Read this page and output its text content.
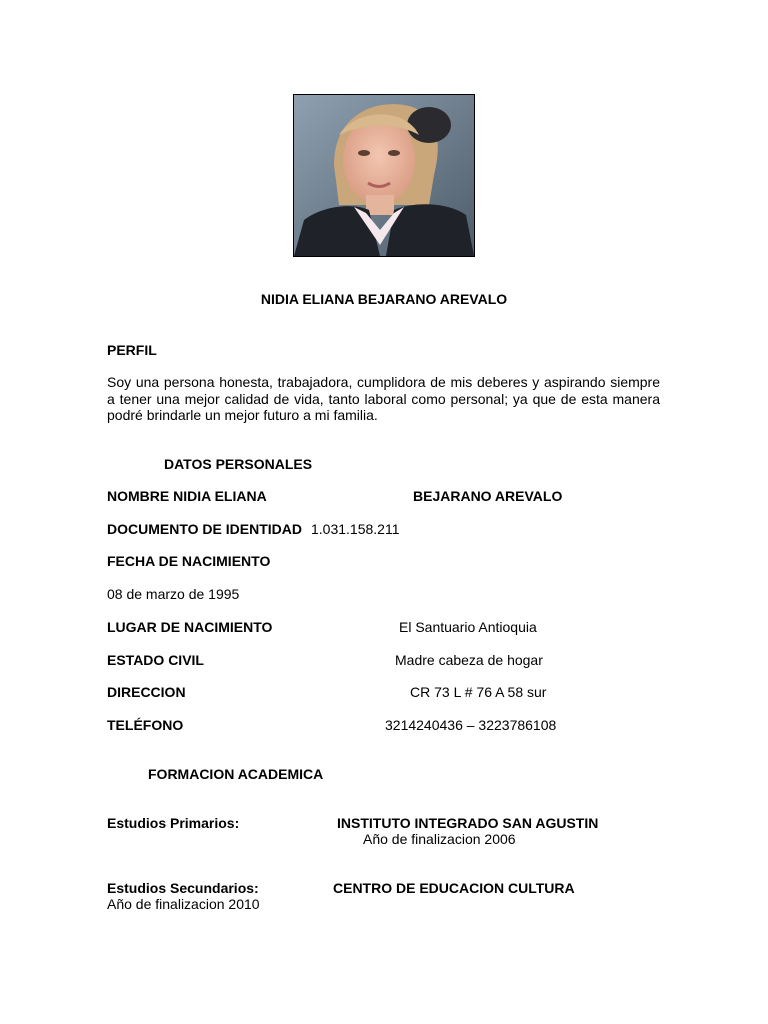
NIDIA ELIANA BEJARANO AREVALO
PERFIL
Soy una persona honesta, trabajadora, cumplidora de mis deberes y aspirando siempre a tener una mejor calidad de vida, tanto laboral como personal; ya que de esta manera podré brindarle un mejor futuro a mi familia.
DATOS PERSONALES
NOMBRE NIDIA ELIANA	BEJARANO AREVALO
DOCUMENTO DE IDENTIDAD 1.031.158.211
FECHA DE NACIMIENTO
08 de marzo de 1995
LUGAR DE NACIMIENTO	El Santuario Antioquia
ESTADO CIVIL	Madre cabeza de hogar
DIRECCION	CR 73 L # 76 A 58 sur
TELÉFONO	3214240436 – 3223786108
FORMACION ACADEMICA
Estudios Primarios:	INSTITUTO INTEGRADO SAN AGUSTIN
Año de finalizacion 2006
Estudios Secundarios:	CENTRO DE EDUCACION CULTURA
Año de finalizacion 2010
